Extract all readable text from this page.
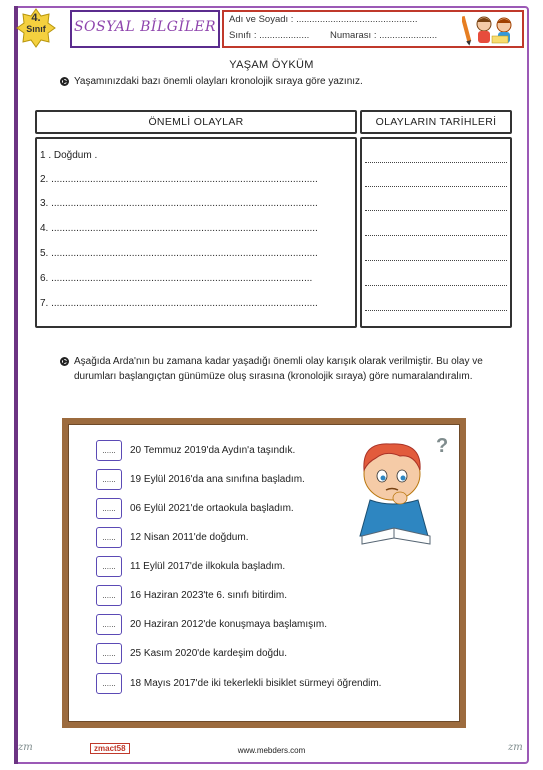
4.
Sınıf	SOSYAL BİLGİLER	Adı ve Soyadı : ..............................................
Sınıfı : ................... Numarası : ......................
YAŞAM ÖYKÜM
Yaşamınızdaki bazı önemli olayları kronolojik sıraya göre yazınız.
ÖNEMLİ OLAYLAR	OLAYLARIN TARİHLERİ
1 . Doğdum .
2. ................................................................................................
3. ................................................................................................
4. ................................................................................................
5. ................................................................................................
6. ..............................................................................................
7. ................................................................................................
Aşağıda Arda'nın bu zamana kadar yaşadığı önemli olay karışık olarak verilmiştir. Bu olay ve durumları başlangıçtan günümüze oluş sırasına (kronolojik sıraya) göre numaralandıralım.
......	20 Temmuz 2019'da Aydın'a taşındık.
......	19 Eylül 2016'da ana sınıfına başladım.
......	06 Eylül 2021'de ortaokula başladım.
......	12 Nisan 2011'de doğdum.
......	11 Eylül 2017'de ilkokula başladım.
......	16 Haziran 2023'te 6. sınıfı bitirdim.
......	20 Haziran 2012'de konuşmaya başlamışım.
......	25 Kasım 2020'de kardeşim doğdu.
......	18 Mayıs 2017'de iki tekerlekli bisiklet sürmeyi öğrendim.
?
zm	zmact58	www.mebders.com	zm
